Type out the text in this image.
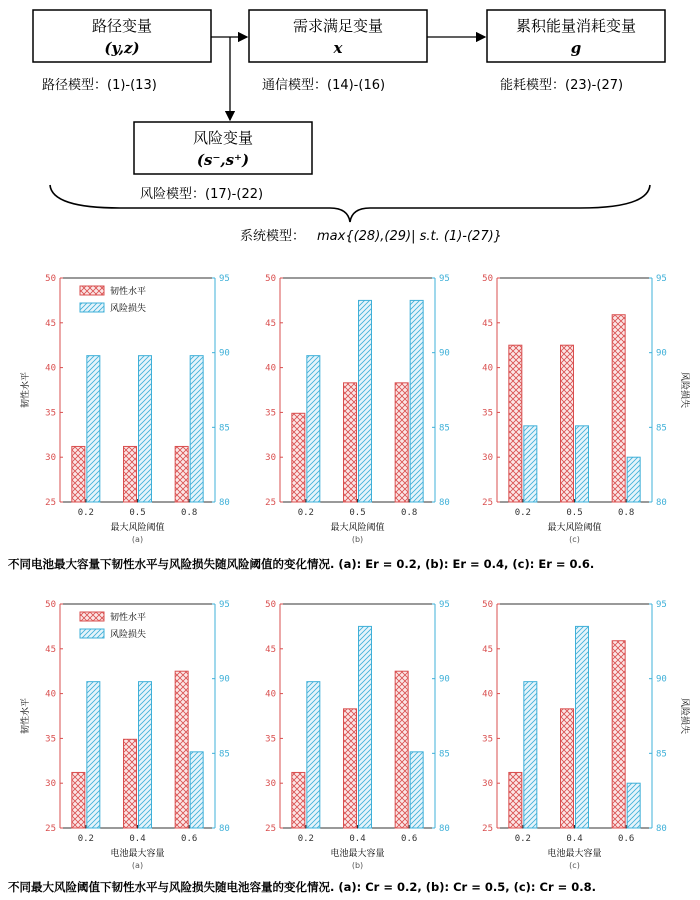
路径变量
(y,z)
需求满足变量
x
累积能量消耗变量
g
风险变量
(s⁻,s⁺)
路径模型：(1)-(13)	通信模型：(14)-(16)	能耗模型：(23)-(27)
风险模型：(17)-(22)
系统模型： max{(28),(29)| s.t. (1)-(27)}
25
30
35
40
45
50
80
85
90
95
0.2	0.5	0.8
最大风险阈值
(a)
韧性水平
韧性水平
风险损失
25
30
35
40
45
50
80
85
90
95
0.2	0.5	0.8
最大风险阈值
(b)
25
30
35
40
45
50
80
85
90
95
0.2	0.5	0.8
最大风险阈值
(c)
风险损失
25
30
35
40
45
50
80
85
90
95
0.2	0.4	0.6
电池最大容量
(a)
韧性水平
韧性水平
风险损失
25
30
35
40
45
50
80
85
90
95
0.2	0.4	0.6
电池最大容量
(b)
25
30
35
40
45
50
80
85
90
95
0.2	0.4	0.6
电池最大容量
(c)
风险损失
不同电池最大容量下韧性水平与风险损失随风险阈值的变化情况. (a): Er = 0.2, (b): Er = 0.4, (c): Er = 0.6.
不同最大风险阈值下韧性水平与风险损失随电池容量的变化情况. (a): Cr = 0.2, (b): Cr = 0.5, (c): Cr = 0.8.
